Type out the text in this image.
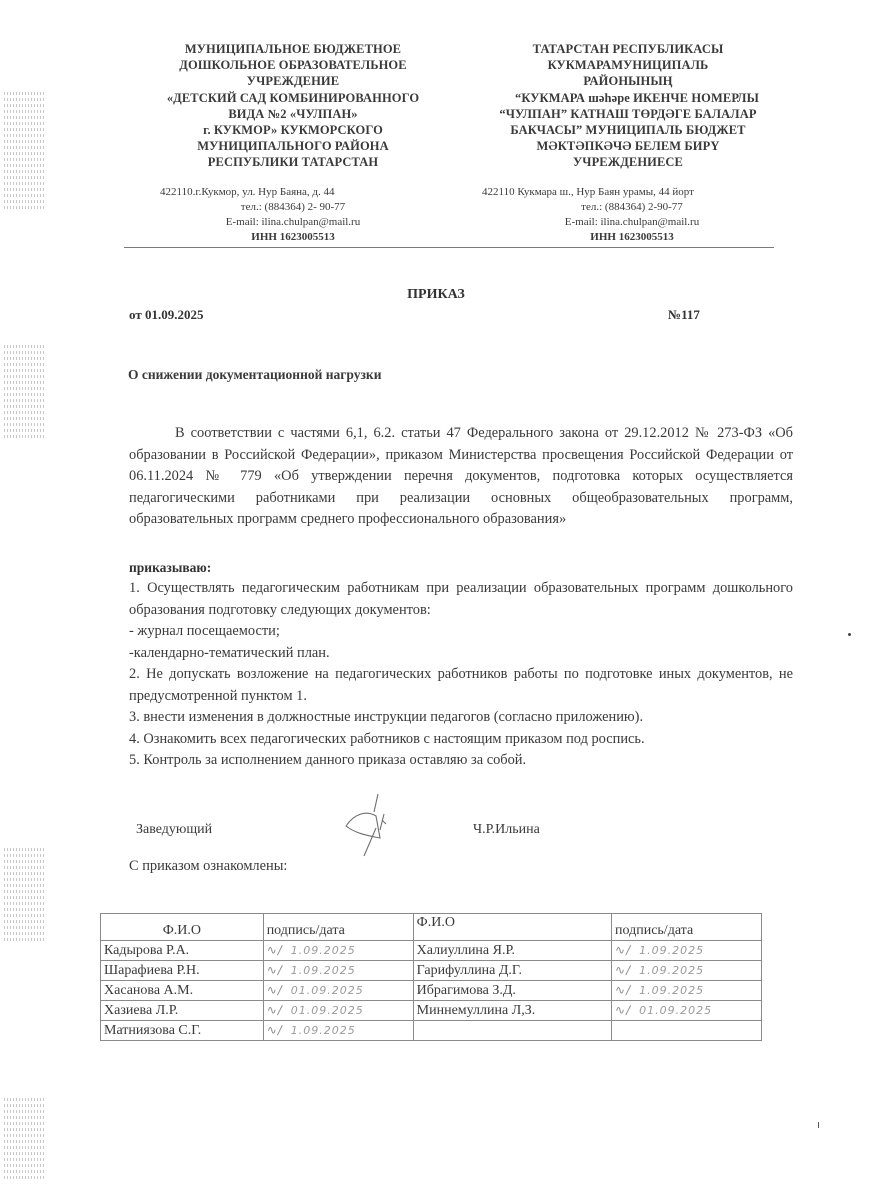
МУНИЦИПАЛЬНОЕ БЮДЖЕТНОЕ
ДОШКОЛЬНОЕ ОБРАЗОВАТЕЛЬНОЕ
УЧРЕЖДЕНИЕ
«ДЕТСКИЙ САД КОМБИНИРОВАННОГО
ВИДА №2 «ЧУЛПАН»
г. КУКМОР» КУКМОРСКОГО
МУНИЦИПАЛЬНОГО РАЙОНА
РЕСПУБЛИКИ ТАТАРСТАН
ТАТАРСТАН РЕСПУБЛИКАСЫ
КУКМАРАМУНИЦИПАЛЬ
РАЙОНЫНЫҢ
“КУКМАРА шәһәре ИКЕНЧЕ НОМЕРЛЫ
“ЧУЛПАН” КАТНАШ ТӨРДӘГЕ БАЛАЛАР
БАКЧАСЫ” МУНИЦИПАЛЬ БЮДЖЕТ
МӘКТӘПКӘЧӘ БЕЛЕМ БИРҮ
УЧРЕЖДЕНИЕСЕ
422110.г.Кукмор, ул. Нур Баяна, д. 44
тел.: (884364) 2- 90-77
E-mail: ilina.chulpan@mail.ru
ИНН 1623005513
422110 Кукмара ш., Нур Баян урамы, 44 йорт
тел.: (884364) 2-90-77
E-mail: ilina.chulpan@mail.ru
ИНН 1623005513
ПРИКАЗ
от 01.09.2025	№117
О снижении документационной нагрузки
В соответствии с частями 6,1, 6.2. статьи 47 Федерального закона от 29.12.2012 № 273-ФЗ «Об образовании в Российской Федерации», приказом Министерства просвещения Российской Федерации от 06.11.2024 № 779 «Об утверждении перечня документов, подготовка которых осуществляется педагогическими работниками при реализации основных общеобразовательных программ, образовательных программ среднего профессионального образования»
приказываю:
1. Осуществлять педагогическим работникам при реализации образовательных программ дошкольного образования подготовку следующих документов:
- журнал посещаемости;
-календарно-тематический план.
2. Не допускать возложение на педагогических работников работы по подготовке иных документов, не предусмотренной пунктом 1.
3. внести изменения в должностные инструкции педагогов (согласно приложению).
4. Ознакомить всех педагогических работников с настоящим приказом под роспись.
5. Контроль за исполнением данного приказа оставляю за собой.
Заведующий	Ч.Р.Ильина
С приказом ознакомлены:
Ф.И.О	подпись/дата	Ф.И.О	подпись/дата
Кадырова Р.А.	∿∕ 1.09.2025	Халиуллина Я.Р.	∿∕ 1.09.2025
Шарафиева Р.Н.	∿∕ 1.09.2025	Гарифуллина Д.Г.	∿∕ 1.09.2025
Хасанова А.М.	∿∕ 01.09.2025	Ибрагимова З.Д.	∿∕ 1.09.2025
Хазиева Л.Р.	∿∕ 01.09.2025	Миннемуллина Л,З.	∿∕ 01.09.2025
Матниязова С.Г.	∿∕ 1.09.2025		
